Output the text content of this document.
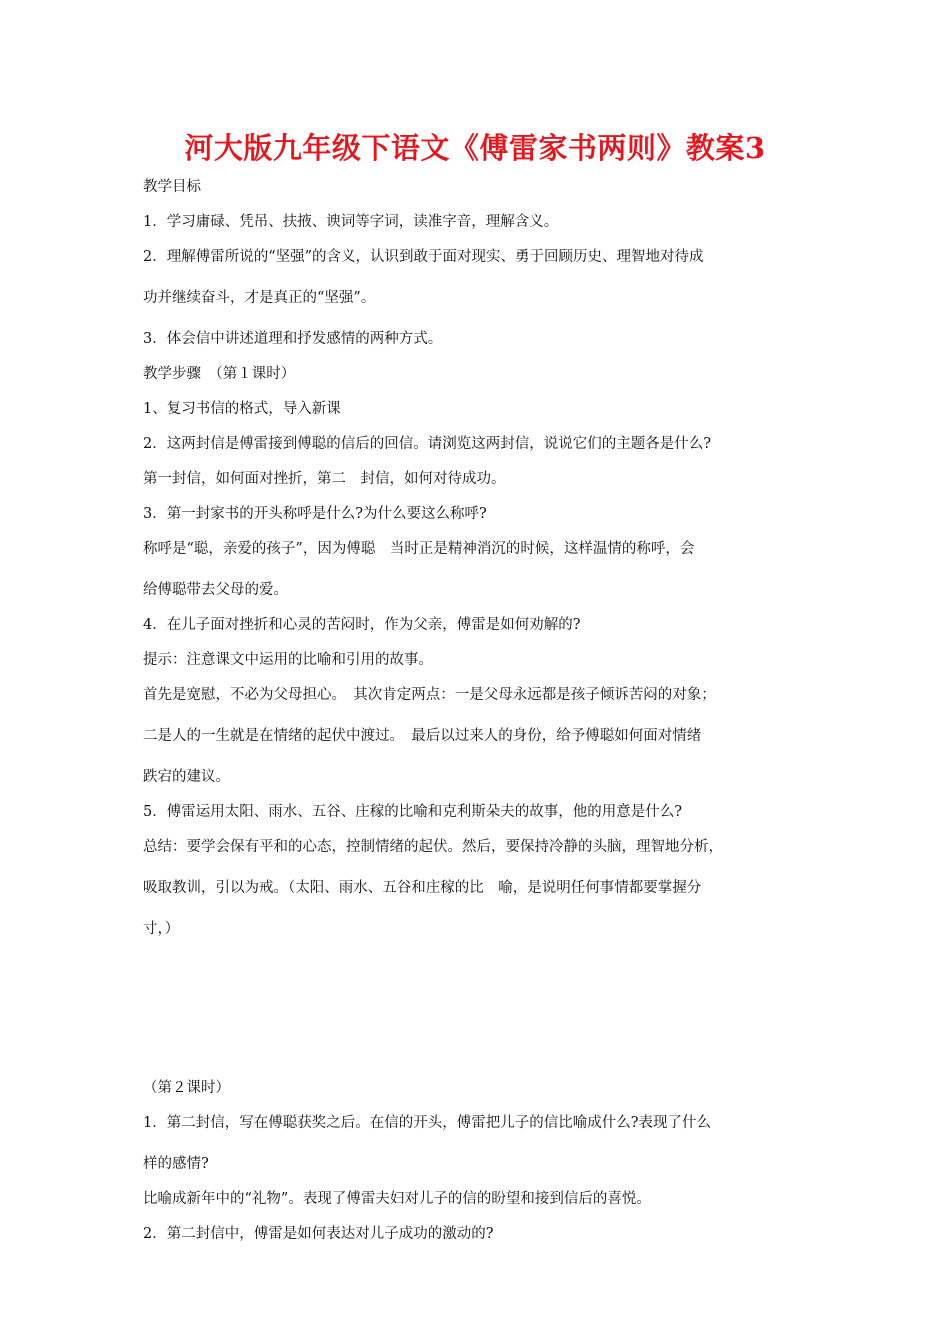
河大版九年级下语文《傅雷家书两则》教案3

教学目标

1．学习庸碌、凭吊、扶掖、谀词等字词，读准字音，理解含义。

2．理解傅雷所说的“坚强”的含义，认识到敢于面对现实、勇于回顾历史、理智地对待成

功并继续奋斗，才是真正的“坚强”。

3．体会信中讲述道理和抒发感情的两种方式。

教学步骤　（第１课时）

1、复习书信的格式，导入新课

2．这两封信是傅雷接到傅聪的信后的回信。请浏览这两封信，说说它们的主题各是什么?

第一封信，如何面对挫折，第二　封信，如何对待成功。

3．第一封家书的开头称呼是什么?为什么要这么称呼?

称呼是“聪，亲爱的孩子”，因为傅聪　当时正是精神消沉的时候，这样温情的称呼，会

给傅聪带去父母的爱。

4．在儿子面对挫折和心灵的苦闷时，作为父亲，傅雷是如何劝解的?

提示：注意课文中运用的比喻和引用的故事。

首先是宽慰，不必为父母担心。　其次肯定两点：一是父母永远都是孩子倾诉苦闷的对象；

二是人的一生就是在情绪的起伏中渡过。　最后以过来人的身份，给予傅聪如何面对情绪

跌宕的建议。

5．傅雷运用太阳、雨水、五谷、庄稼的比喻和克利斯朵夫的故事，他的用意是什么?

总结：要学会保有平和的心态，控制情绪的起伏。然后，要保持冷静的头脑，理智地分析，

吸取教训，引以为戒。（太阳、雨水、五谷和庄稼的比　喻，是说明任何事情都要掌握分

寸，）

（第２课时）

1．第二封信，写在傅聪获奖之后。在信的开头，傅雷把儿子的信比喻成什么?表现了什么

样的感情?

比喻成新年中的“礼物”。表现了傅雷夫妇对儿子的信的盼望和接到信后的喜悦。

2．第二封信中，傅雷是如何表达对儿子成功的激动的?
